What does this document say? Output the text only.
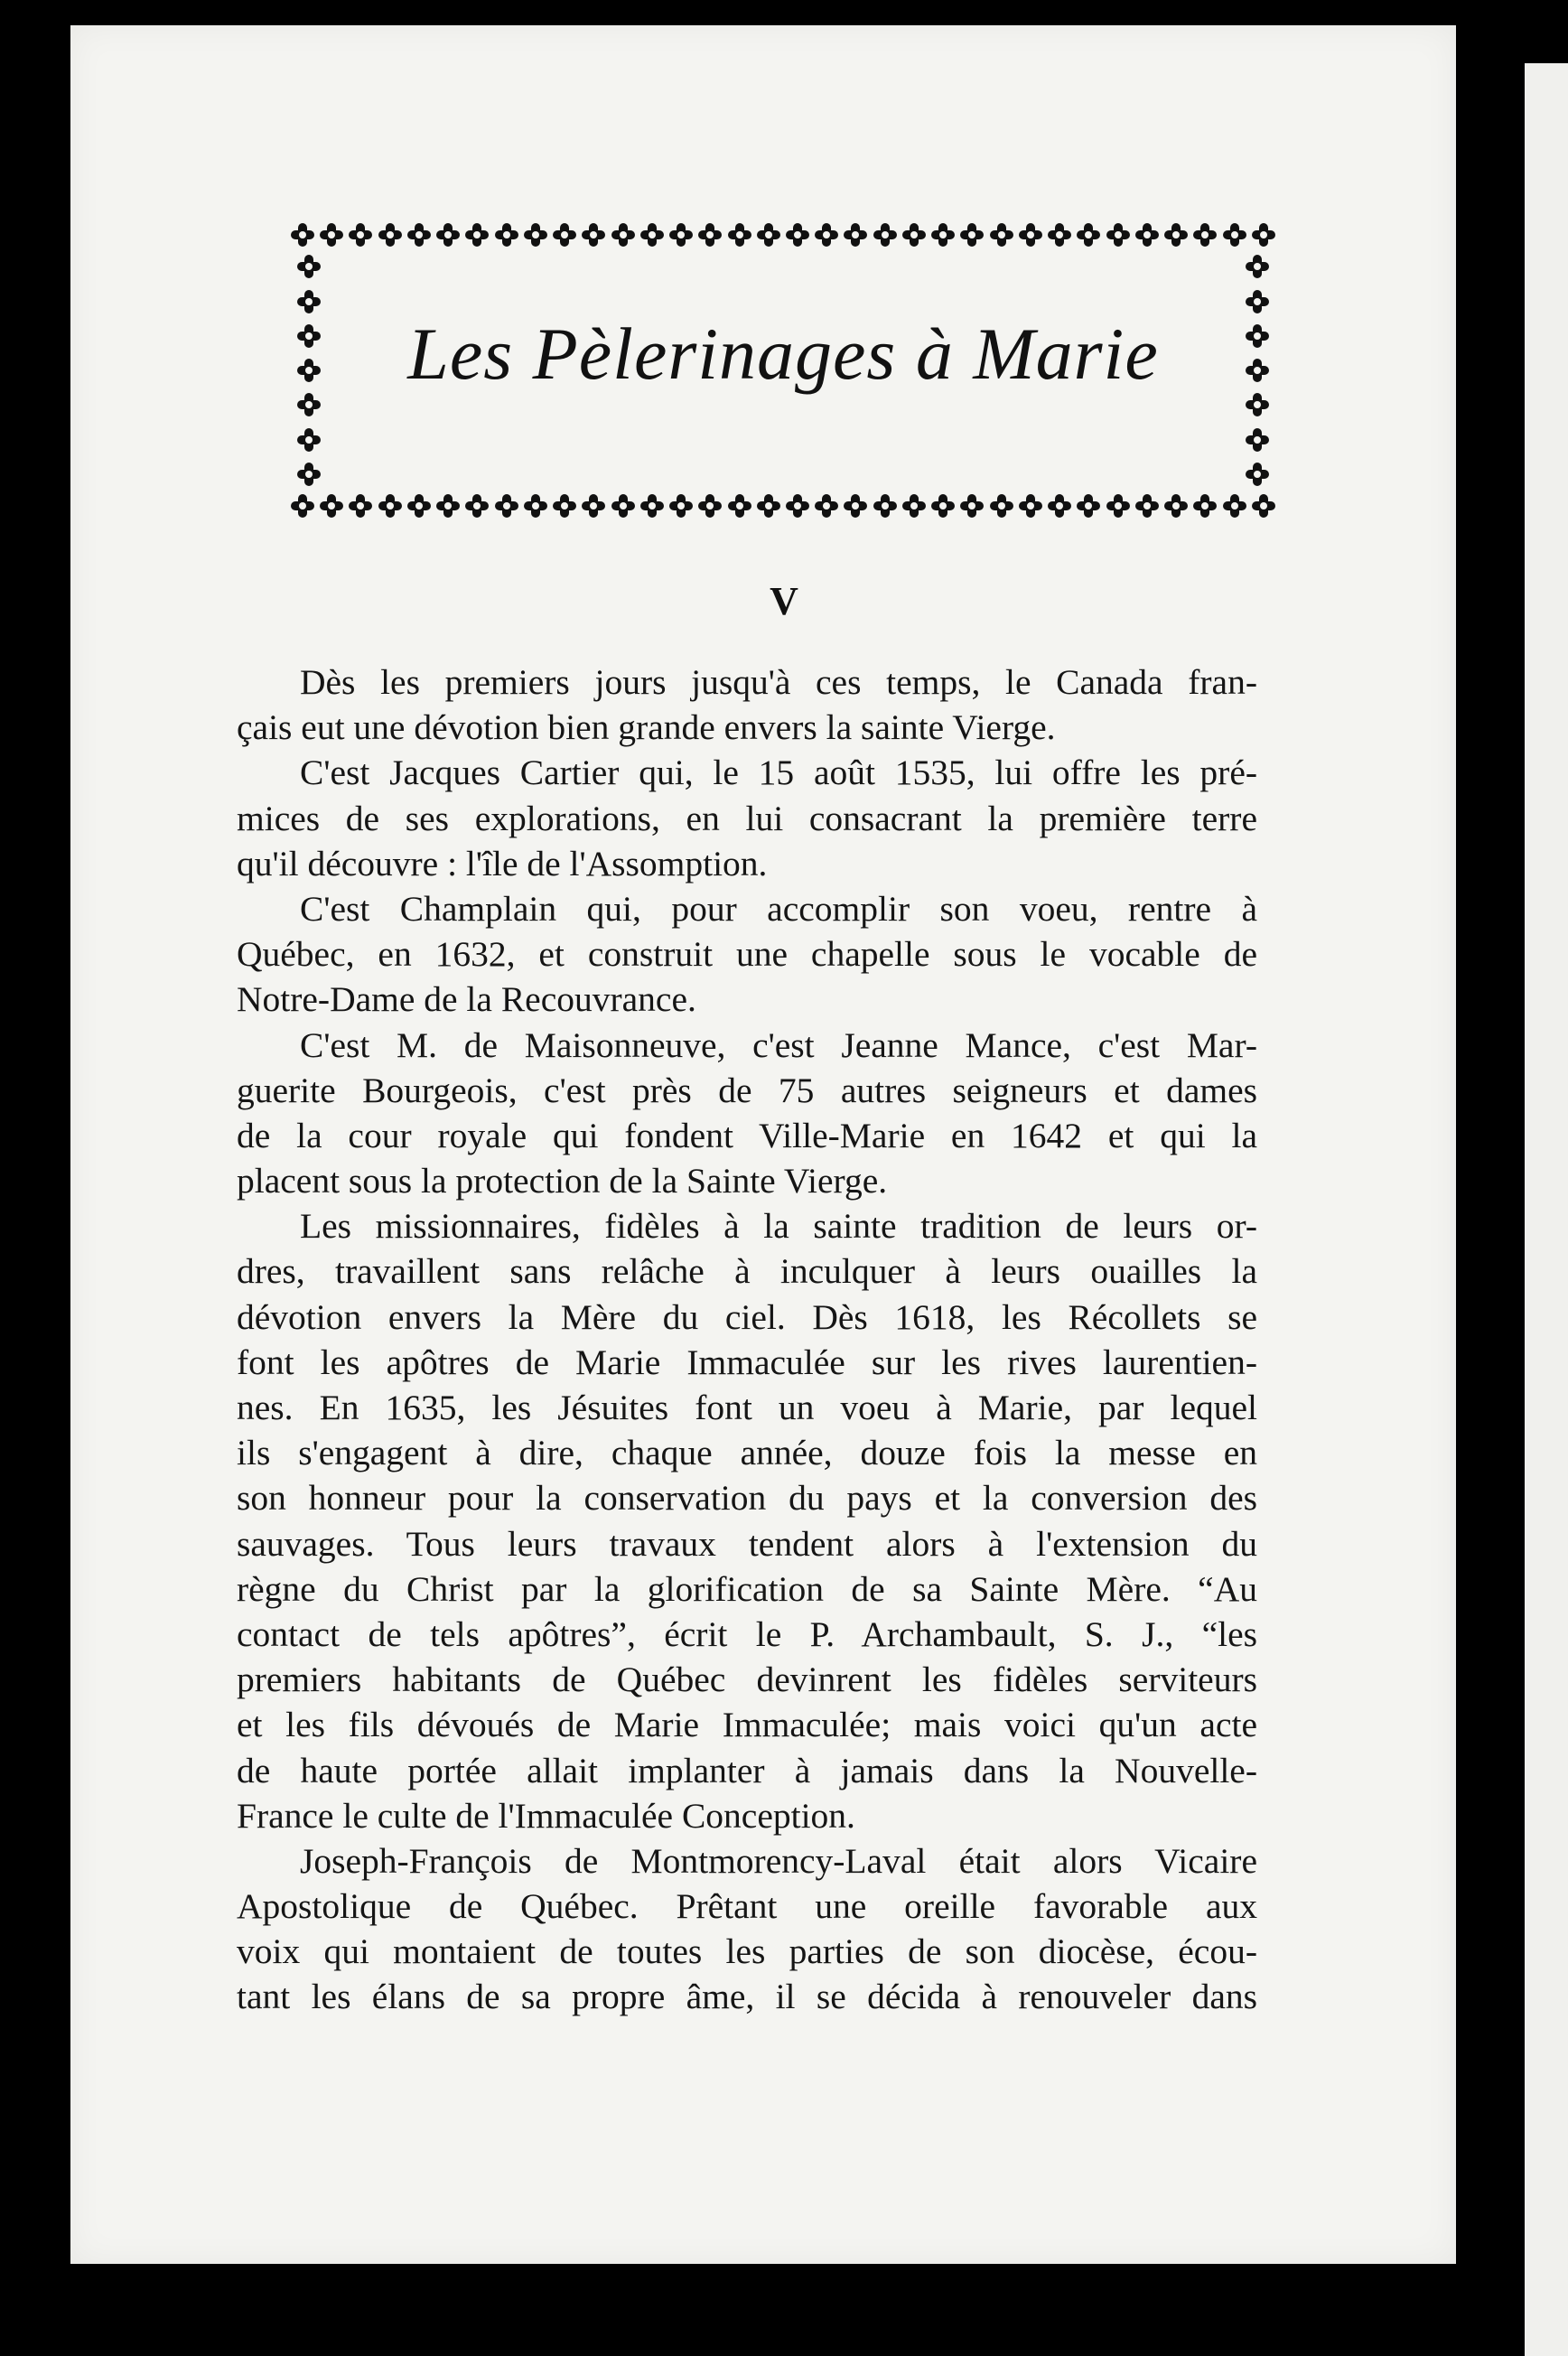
Les Pèlerinages à Marie
V
Dès les premiers jours jusqu'à ces temps, le Canada fran-
çais eut une dévotion bien grande envers la sainte Vierge.
C'est Jacques Cartier qui, le 15 août 1535, lui offre les pré-
mices de ses explorations, en lui consacrant la première terre
qu'il découvre : l'île de l'Assomption.
C'est Champlain qui, pour accomplir son voeu, rentre à
Québec, en 1632, et construit une chapelle sous le vocable de
Notre-Dame de la Recouvrance.
C'est M. de Maisonneuve, c'est Jeanne Mance, c'est Mar-
guerite Bourgeois, c'est près de 75 autres seigneurs et dames
de la cour royale qui fondent Ville-Marie en 1642 et qui la
placent sous la protection de la Sainte Vierge.
Les missionnaires, fidèles à la sainte tradition de leurs or-
dres, travaillent sans relâche à inculquer à leurs ouailles la
dévotion envers la Mère du ciel. Dès 1618, les Récollets se
font les apôtres de Marie Immaculée sur les rives laurentien-
nes. En 1635, les Jésuites font un voeu à Marie, par lequel
ils s'engagent à dire, chaque année, douze fois la messe en
son honneur pour la conservation du pays et la conversion des
sauvages. Tous leurs travaux tendent alors à l'extension du
règne du Christ par la glorification de sa Sainte Mère. “Au
contact de tels apôtres”, écrit le P. Archambault, S. J., “les
premiers habitants de Québec devinrent les fidèles serviteurs
et les fils dévoués de Marie Immaculée; mais voici qu'un acte
de haute portée allait implanter à jamais dans la Nouvelle-
France le culte de l'Immaculée Conception.
Joseph-François de Montmorency-Laval était alors Vicaire
Apostolique de Québec. Prêtant une oreille favorable aux
voix qui montaient de toutes les parties de son diocèse, écou-
tant les élans de sa propre âme, il se décida à renouveler dans
